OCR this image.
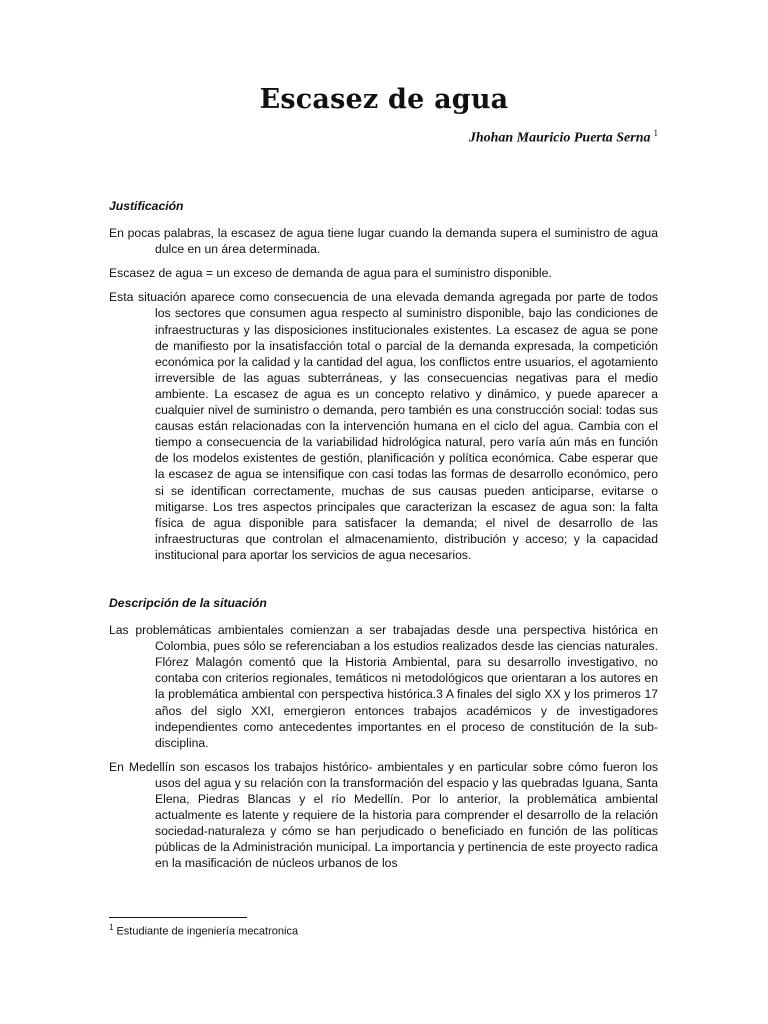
Escasez de agua
Jhohan Mauricio Puerta Serna $^1$

Justificación

En pocas palabras, la escasez de agua tiene lugar cuando la demanda supera el suministro de agua dulce en un área determinada.

Escasez de agua = un exceso de demanda de agua para el suministro disponible.

Esta situación aparece como consecuencia de una elevada demanda agregada por parte de todos los sectores que consumen agua respecto al suministro disponible, bajo las condiciones de infraestructuras y las disposiciones institucionales existentes. La escasez de agua se pone de manifiesto por la insatisfacción total o parcial de la demanda expresada, la competición económica por la calidad y la cantidad del agua, los conflictos entre usuarios, el agotamiento irreversible de las aguas subterráneas, y las consecuencias negativas para el medio ambiente. La escasez de agua es un concepto relativo y dinámico, y puede aparecer a cualquier nivel de suministro o demanda, pero también es una construcción social: todas sus causas están relacionadas con la intervención humana en el ciclo del agua. Cambia con el tiempo a consecuencia de la variabilidad hidrológica natural, pero varía aún más en función de los modelos existentes de gestión, planificación y política económica. Cabe esperar que la escasez de agua se intensifique con casi todas las formas de desarrollo económico, pero si se identifican correctamente, muchas de sus causas pueden anticiparse, evitarse o mitigarse. Los tres aspectos principales que caracterizan la escasez de agua son: la falta física de agua disponible para satisfacer la demanda; el nivel de desarrollo de las infraestructuras que controlan el almacenamiento, distribución y acceso; y la capacidad institucional para aportar los servicios de agua necesarios.

Descripción de la situación

Las problemáticas ambientales comienzan a ser trabajadas desde una perspectiva histórica en Colombia, pues sólo se referenciaban a los estudios realizados desde las ciencias naturales. Flórez Malagón comentó que la Historia Ambiental, para su desarrollo investigativo, no contaba con criterios regionales, temáticos ni metodológicos que orientaran a los autores en la problemática ambiental con perspectiva histórica.3 A finales del siglo XX y los primeros 17 años del siglo XXI, emergieron entonces trabajos académicos y de investigadores independientes como antecedentes importantes en el proceso de constitución de la sub-disciplina.

En Medellín son escasos los trabajos histórico- ambientales y en particular sobre cómo fueron los usos del agua y su relación con la transformación del espacio y las quebradas Iguana, Santa Elena, Piedras Blancas y el río Medellín. Por lo anterior, la problemática ambiental actualmente es latente y requiere de la historia para comprender el desarrollo de la relación sociedad-naturaleza y cómo se han perjudicado o beneficiado en función de las políticas públicas de la Administración municipal. La importancia y pertinencia de este proyecto radica en la masificación de núcleos urbanos de los

$^1$ Estudiante de ingeniería mecatronica
